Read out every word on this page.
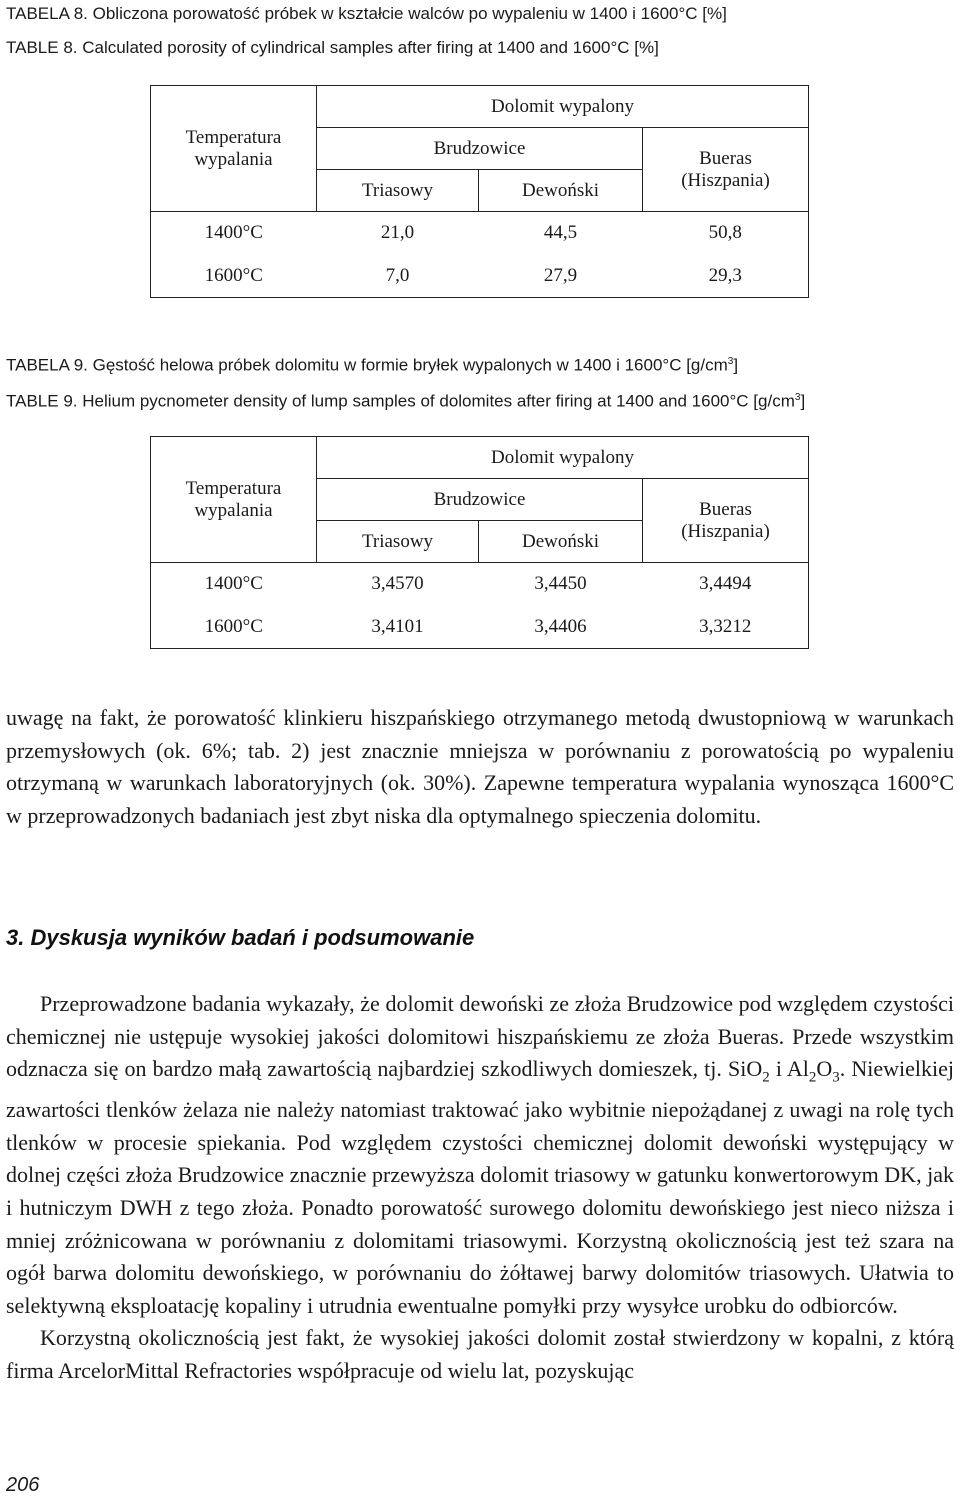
TABELA 8. Obliczona porowatość próbek w kształcie walców po wypaleniu w 1400 i 1600°C [%]
TABLE 8. Calculated porosity of cylindrical samples after firing at 1400 and 1600°C [%]
Temperatura
wypalania	Dolomit wypalony		
	Brudzowice		Bueras
(Hiszpania)
	Triasowy	Dewoński	
1400°C	21,0	44,5	50,8
1600°C	7,0	27,9	29,3
TABELA 9. Gęstość helowa próbek dolomitu w formie bryłek wypalonych w 1400 i 1600°C $[g/cm^3]$
TABLE 9. Helium pycnometer density of lump samples of dolomites after firing at 1400 and 1600°C $[g/cm^3]$
Temperatura
wypalania	Dolomit wypalony		
	Brudzowice		Bueras
(Hiszpania)
	Triasowy	Dewoński	
1400°C	3,4570	3,4450	3,4494
1600°C	3,4101	3,4406	3,3212

uwagę na fakt, że porowatość klinkieru hiszpańskiego otrzymanego metodą dwustopniową w warunkach przemysłowych (ok. 6%; tab. 2) jest znacznie mniejsza w porównaniu z porowatością po wypaleniu otrzymaną w warunkach laboratoryjnych (ok. 30%). Zapewne temperatura wypalania wynosząca 1600°C w przeprowadzonych badaniach jest zbyt niska dla optymalnego spieczenia dolomitu.

3. Dyskusja wyników badań i podsumowanie

Przeprowadzone badania wykazały, że dolomit dewoński ze złoża Brudzowice pod względem czystości chemicznej nie ustępuje wysokiej jakości dolomitowi hiszpańskiemu ze złoża Bueras. Przede wszystkim odznacza się on bardzo małą zawartością najbardziej szkodliwych domieszek, tj. SiO$_2$ i $Al_2O_3$. Niewielkiej zawartości tlenków żelaza nie należy natomiast traktować jako wybitnie niepożądanej z uwagi na rolę tych tlenków w procesie spiekania. Pod względem czystości chemicznej dolomit dewoński występujący w dolnej części złoża Brudzowice znacznie przewyższa dolomit triasowy w gatunku konwertorowym DK, jak i hutniczym DWH z tego złoża. Ponadto porowatość surowego dolomitu dewońskiego jest nieco niższa i mniej zróżnicowana w porównaniu z dolomitami triasowymi. Korzystną okolicznością jest też szara na ogół barwa dolomitu dewońskiego, w porównaniu do żółtawej barwy dolomitów triasowych. Ułatwia to selektywną eksploatację kopaliny i utrudnia ewentualne pomyłki przy wysyłce urobku do odbiorców.

Korzystną okolicznością jest fakt, że wysokiej jakości dolomit został stwierdzony w kopalni, z którą firma ArcelorMittal Refractories współpracuje od wielu lat, pozyskując

206
